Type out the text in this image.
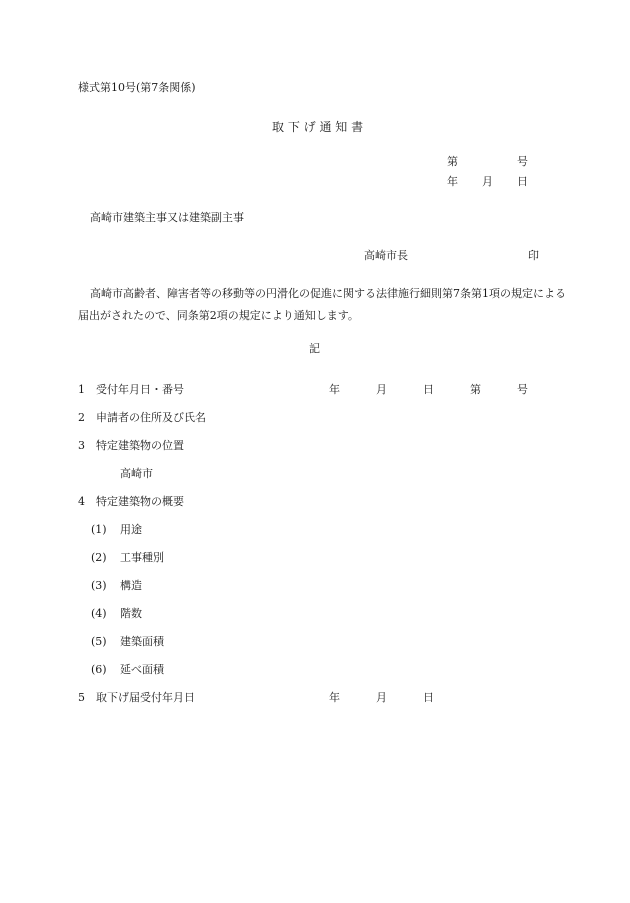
様式第10号(第7条関係)
取 下 げ 通 知 書
第	号
年 月 日
高崎市建築主事又は建築副主事
高崎市長	印
高崎市高齢者、障害者等の移動等の円滑化の促進に関する法律施行細則第7条第1項の規定による届出がされたので、同条第2項の規定により通知します。
記
1 受付年月日・番号	年	月	日	第	号
2 申請者の住所及び氏名
3 特定建築物の位置
高崎市
4 特定建築物の概要
(1) 用途
(2) 工事種別
(3) 構造
(4) 階数
(5) 建築面積
(6) 延べ面積
5 取下げ届受付年月日	年	月	日
